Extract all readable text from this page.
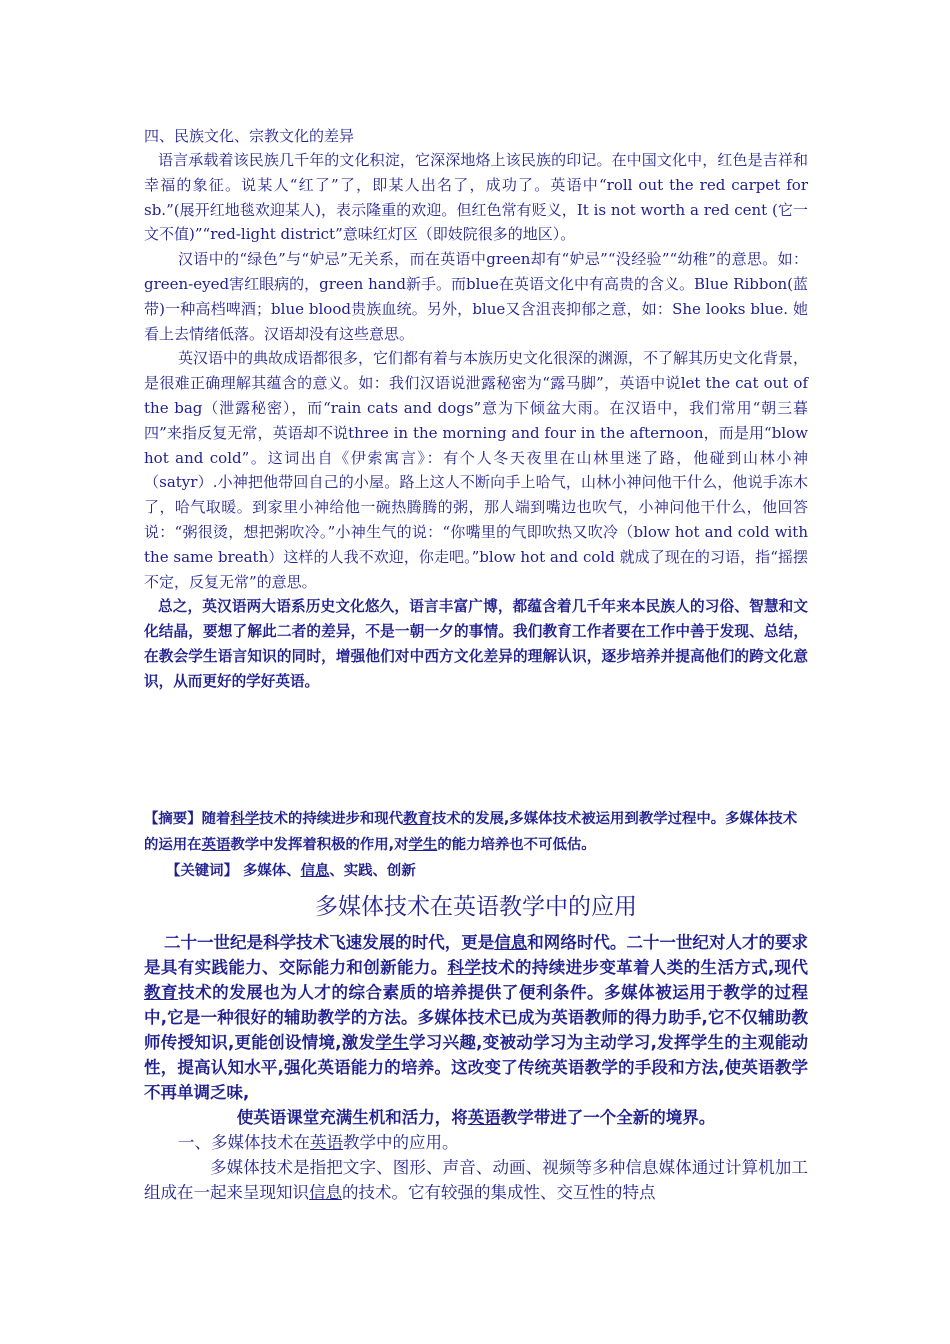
四、民族文化、宗教文化的差异

语言承载着该民族几千年的文化积淀，它深深地烙上该民族的印记。在中国文化中，红色是吉祥和幸福的象征。说某人“红了”了，即某人出名了，成功了。英语中“roll out the red carpet for sb.”(展开红地毯欢迎某人)，表示隆重的欢迎。但红色常有贬义，It is not worth a red cent (它一文不值)”“red-light district”意味红灯区（即妓院很多的地区）。

汉语中的“绿色”与“妒忌”无关系，而在英语中green却有“妒忌”“没经验”“幼稚”的意思。如：green-eyed害红眼病的，green hand新手。而blue在英语文化中有高贵的含义。Blue Ribbon(蓝带)一种高档啤酒；blue blood贵族血统。另外，blue又含沮丧抑郁之意，如：She looks blue. 她看上去情绪低落。汉语却没有这些意思。

英汉语中的典故成语都很多，它们都有着与本族历史文化很深的渊源，不了解其历史文化背景，是很难正确理解其蕴含的意义。如：我们汉语说泄露秘密为“露马脚”，英语中说let the cat out of the bag（泄露秘密），而“rain cats and dogs”意为下倾盆大雨。在汉语中，我们常用“朝三暮四”来指反复无常，英语却不说three in the morning and four in the afternoon，而是用“blow hot and cold”。这词出自《伊索寓言》：有个人冬天夜里在山林里迷了路，他碰到山林小神（satyr）.小神把他带回自己的小屋。路上这人不断向手上哈气，山林小神问他干什么，他说手冻木了，哈气取暖。到家里小神给他一碗热腾腾的粥，那人端到嘴边也吹气，小神问他干什么，他回答说：“粥很烫，想把粥吹冷。”小神生气的说：“你嘴里的气即吹热又吹冷（blow hot and cold with the same breath）这样的人我不欢迎，你走吧。”blow hot and cold 就成了现在的习语，指“摇摆不定，反复无常”的意思。

总之，英汉语两大语系历史文化悠久，语言丰富广博，都蕴含着几千年来本民族人的习俗、智慧和文化结晶，要想了解此二者的差异，不是一朝一夕的事情。我们教育工作者要在工作中善于发现、总结，在教会学生语言知识的同时，增强他们对中西方文化差异的理解认识，逐步培养并提高他们的跨文化意识，从而更好的学好英语。

【摘要】随着科学技术的持续进步和现代教育技术的发展,多媒体技术被运用到教学过程中。多媒体技术的运用在英语教学中发挥着积极的作用,对学生的能力培养也不可低估。

【关键词】 多媒体、信息、实践、创新

多媒体技术在英语教学中的应用

二十一世纪是科学技术飞速发展的时代，更是信息和网络时代。二十一世纪对人才的要求是具有实践能力、交际能力和创新能力。科学技术的持续进步变革着人类的生活方式,现代教育技术的发展也为人才的综合素质的培养提供了便利条件。多媒体被运用于教学的过程中,它是一种很好的辅助教学的方法。多媒体技术已成为英语教师的得力助手,它不仅辅助教师传授知识,更能创设情境,激发学生学习兴趣,变被动学习为主动学习,发挥学生的主观能动性，提高认知水平,强化英语能力的培养。这改变了传统英语教学的手段和方法,使英语教学不再单调乏味,

使英语课堂充满生机和活力，将英语教学带进了一个全新的境界。

一、多媒体技术在英语教学中的应用。

多媒体技术是指把文字、图形、声音、动画、视频等多种信息媒体通过计算机加工组成在一起来呈现知识信息的技术。它有较强的集成性、交互性的特点
